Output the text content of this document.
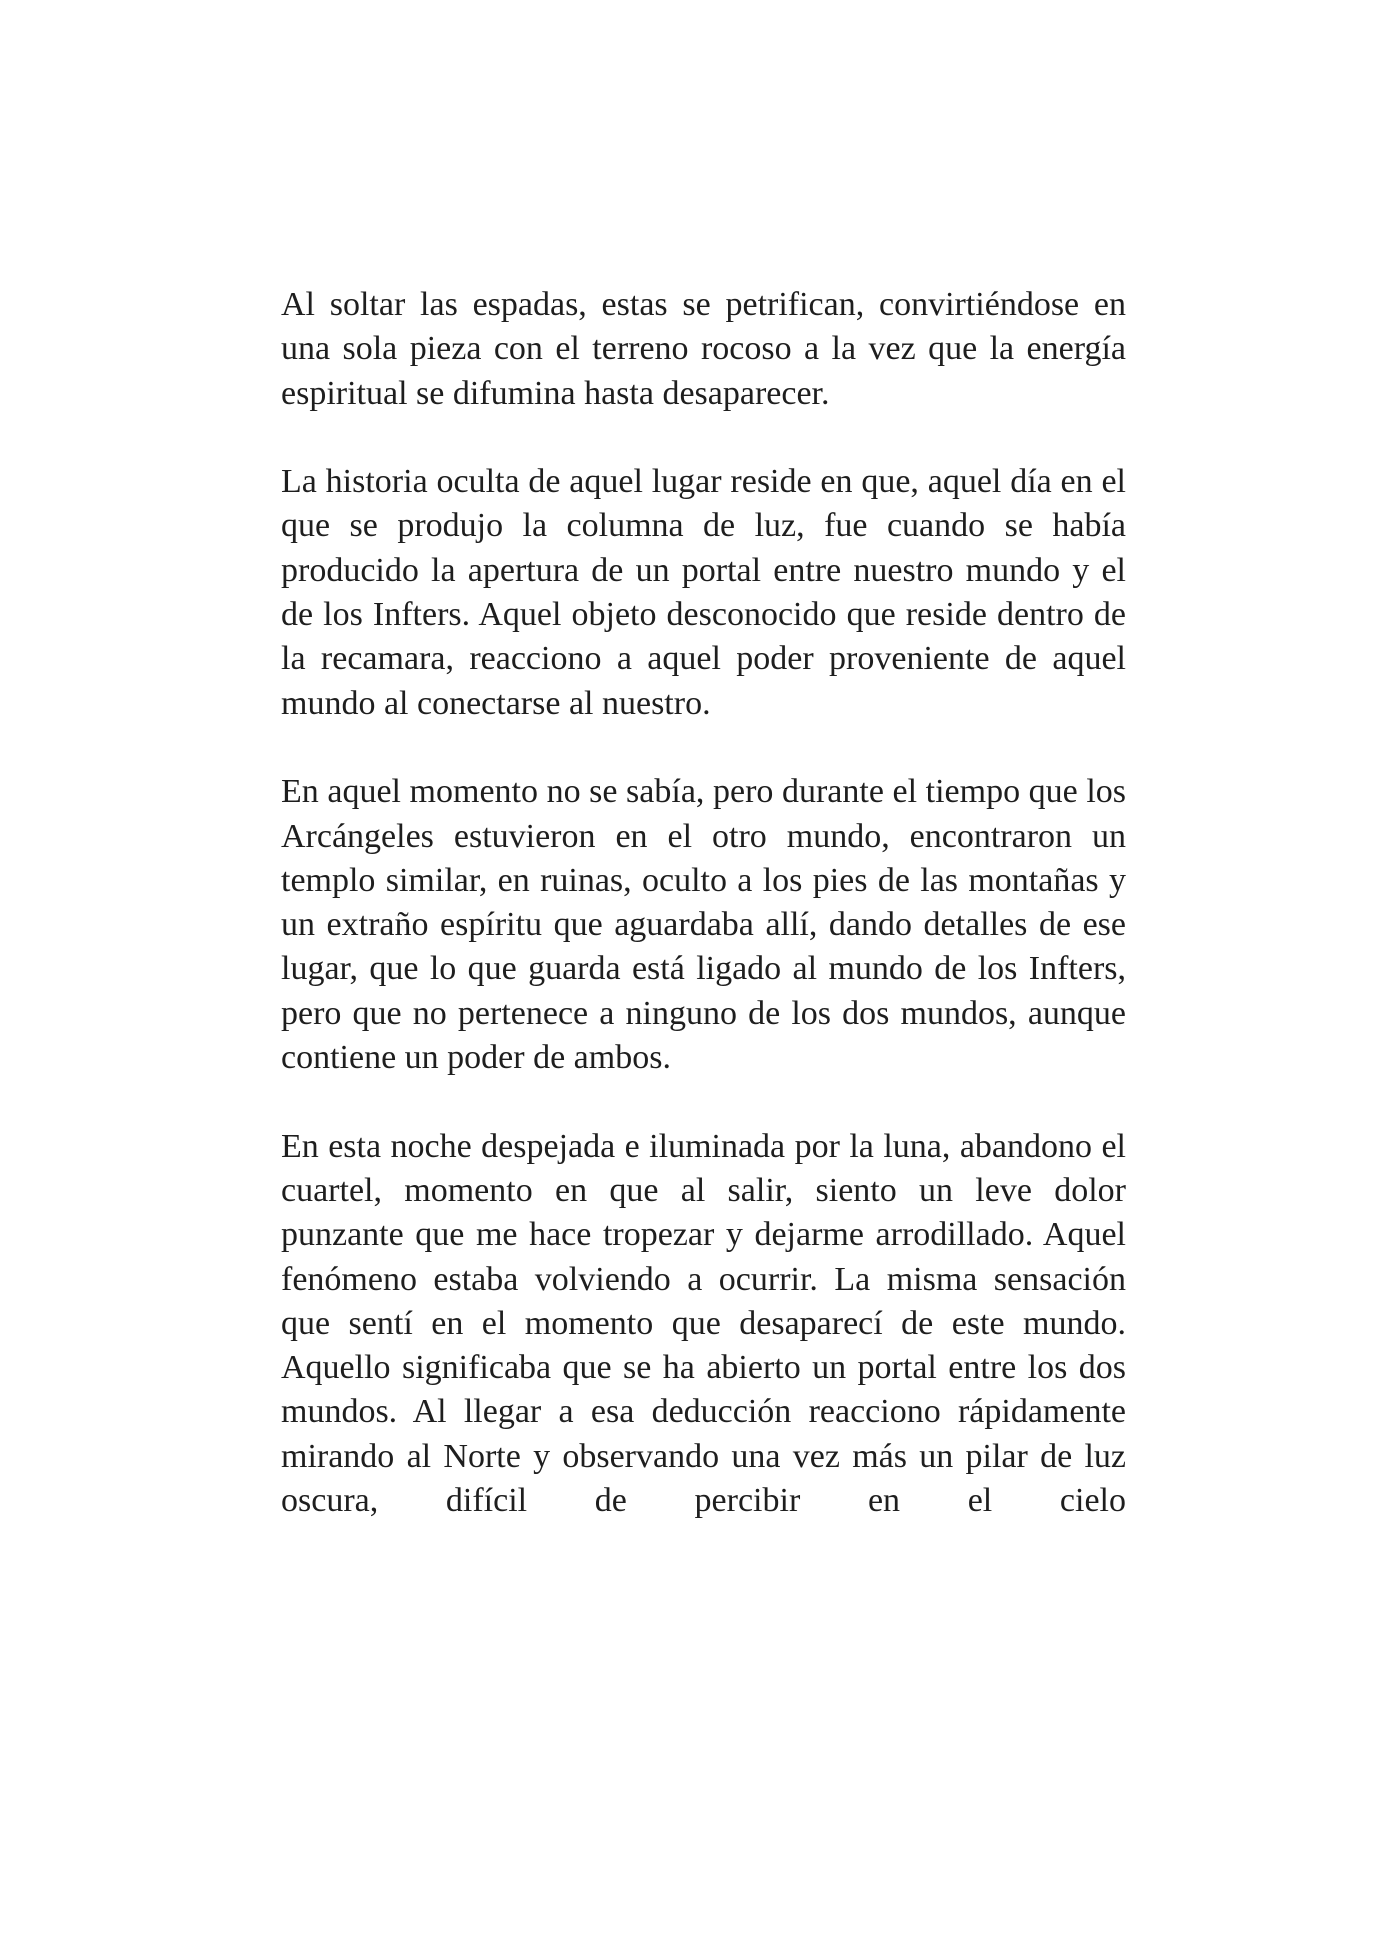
Al soltar las espadas, estas se petrifican, convirtiéndose en una sola pieza con el terreno rocoso a la vez que la energía espiritual se difumina hasta desaparecer.

La historia oculta de aquel lugar reside en que, aquel día en el que se produjo la columna de luz, fue cuando se había producido la apertura de un portal entre nuestro mundo y el de los Infters. Aquel objeto desconocido que reside dentro de la recamara, reacciono a aquel poder proveniente de aquel mundo al conectarse al nuestro.

En aquel momento no se sabía, pero durante el tiempo que los Arcángeles estuvieron en el otro mundo, encontraron un templo similar, en ruinas, oculto a los pies de las montañas y un extraño espíritu que aguardaba allí, dando detalles de ese lugar, que lo que guarda está ligado al mundo de los Infters, pero que no pertenece a ninguno de los dos mundos, aunque contiene un poder de ambos.

En esta noche despejada e iluminada por la luna, abandono el cuartel, momento en que al salir, siento un leve dolor punzante que me hace tropezar y dejarme arrodillado. Aquel fenómeno estaba volviendo a ocurrir. La misma sensación que sentí en el momento que desaparecí de este mundo. Aquello significaba que se ha abierto un portal entre los dos mundos. Al llegar a esa deducción reacciono rápidamente mirando al Norte y observando una vez más un pilar de luz oscura, difícil de percibir en el cielo
